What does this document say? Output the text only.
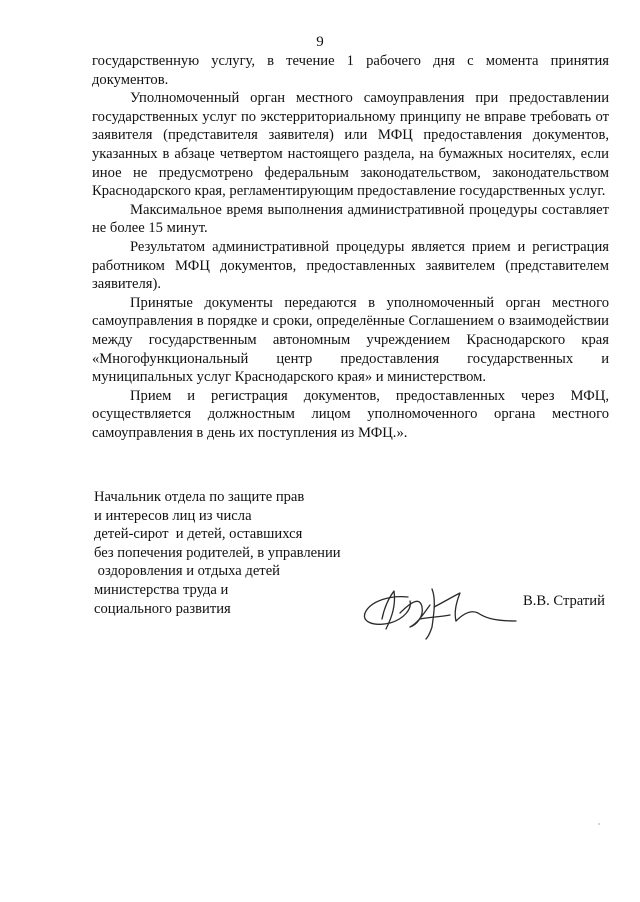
9

государственную услугу, в течение 1 рабочего дня с момента принятия документов.

Уполномоченный орган местного самоуправления при предоставлении государственных услуг по экстерриториальному принципу не вправе требовать от заявителя (представителя заявителя) или МФЦ предоставления документов, указанных в абзаце четвертом настоящего раздела, на бумажных носителях, если иное не предусмотрено федеральным законодательством, законодательством Краснодарского края, регламентирующим предоставление государственных услуг.

Максимальное время выполнения административной процедуры составляет не более 15 минут.

Результатом административной процедуры является прием и регистрация работником МФЦ документов, предоставленных заявителем (представителем заявителя).

Принятые документы передаются в уполномоченный орган местного самоуправления в порядке и сроки, определённые Соглашением о взаимодействии между государственным автономным учреждением Краснодарского края «Многофункциональный центр предоставления государственных и муниципальных услуг Краснодарского края» и министерством.

Прием и регистрация документов, предоставленных через МФЦ, осуществляется должностным лицом уполномоченного органа местного самоуправления в день их поступления из МФЦ.».

Начальник отдела по защите прав
и интересов лиц из числа
детей-сирот  и детей, оставшихся
без попечения родителей, в управлении
оздоровления и отдыха детей
министерства труда и
социального развития	В.В. Стратий
